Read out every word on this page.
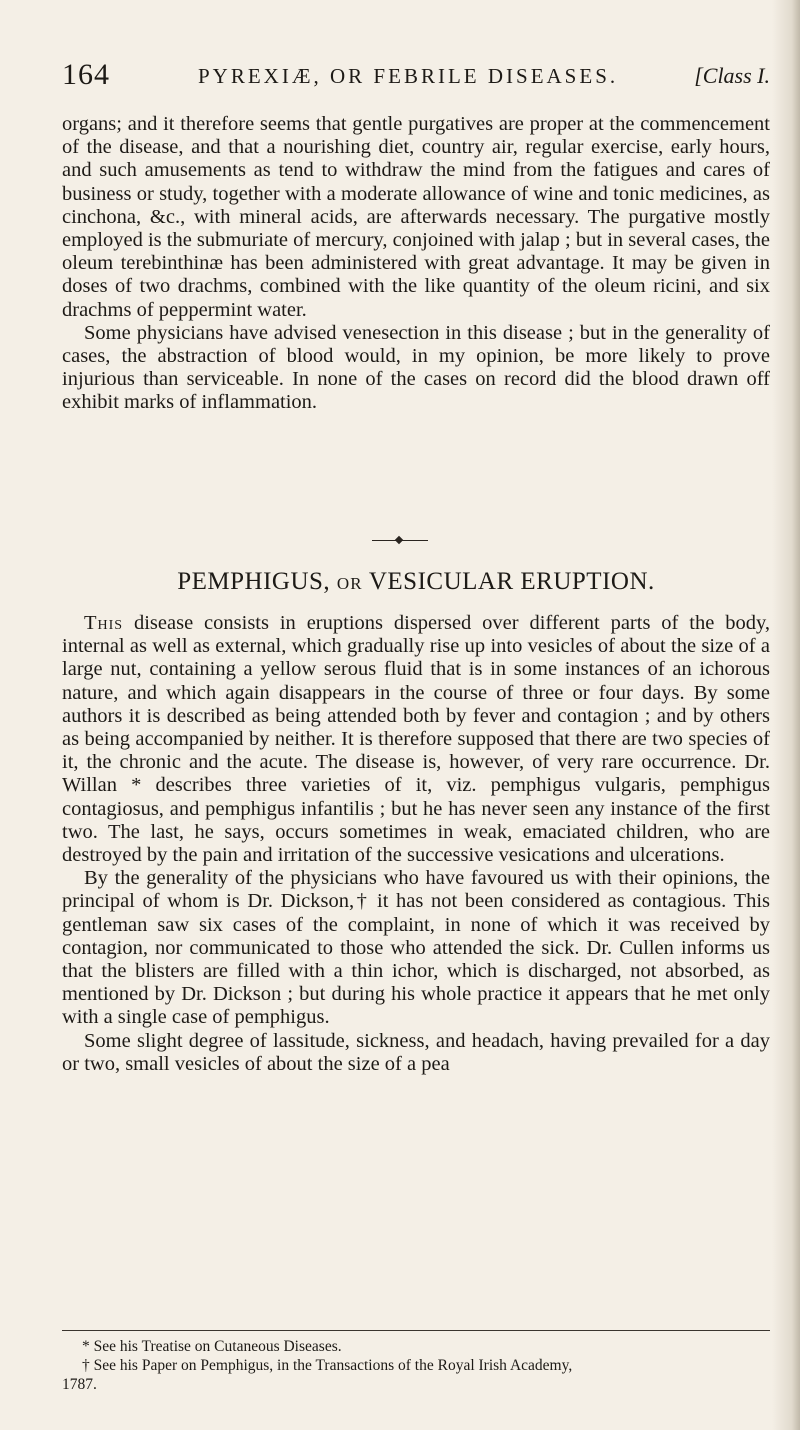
164	PYREXIÆ, OR FEBRILE DISEASES.	[Class I.

organs; and it therefore seems that gentle purgatives are proper at the commencement of the disease, and that a nourishing diet, country air, regular exercise, early hours, and such amusements as tend to withdraw the mind from the fatigues and cares of business or study, together with a moderate allowance of wine and tonic medicines, as cinchona, &c., with mineral acids, are afterwards necessary. The purgative mostly employed is the submuriate of mercury, conjoined with jalap ; but in several cases, the oleum terebinthinæ has been administered with great advantage. It may be given in doses of two drachms, combined with the like quantity of the oleum ricini, and six drachms of peppermint water.

Some physicians have advised venesection in this disease ; but in the generality of cases, the abstraction of blood would, in my opinion, be more likely to prove injurious than serviceable. In none of the cases on record did the blood drawn off exhibit marks of inflammation.

PEMPHIGUS, OR VESICULAR ERUPTION.

This disease consists in eruptions dispersed over different parts of the body, internal as well as external, which gradually rise up into vesicles of about the size of a large nut, containing a yellow serous fluid that is in some instances of an ichorous nature, and which again disappears in the course of three or four days. By some authors it is described as being attended both by fever and contagion ; and by others as being accompanied by neither. It is therefore supposed that there are two species of it, the chronic and the acute. The disease is, however, of very rare occurrence. Dr. Willan * describes three varieties of it, viz. pemphigus vulgaris, pemphigus contagiosus, and pemphigus infantilis ; but he has never seen any instance of the first two. The last, he says, occurs sometimes in weak, emaciated children, who are destroyed by the pain and irritation of the successive vesications and ulcerations.

By the generality of the physicians who have favoured us with their opinions, the principal of whom is Dr. Dickson,† it has not been considered as contagious. This gentleman saw six cases of the complaint, in none of which it was received by contagion, nor communicated to those who attended the sick. Dr. Cullen informs us that the blisters are filled with a thin ichor, which is discharged, not absorbed, as mentioned by Dr. Dickson ; but during his whole practice it appears that he met only with a single case of pemphigus.

Some slight degree of lassitude, sickness, and headach, having prevailed for a day or two, small vesicles of about the size of a pea

* See his Treatise on Cutaneous Diseases.

† See his Paper on Pemphigus, in the Transactions of the Royal Irish Academy,

1787.
